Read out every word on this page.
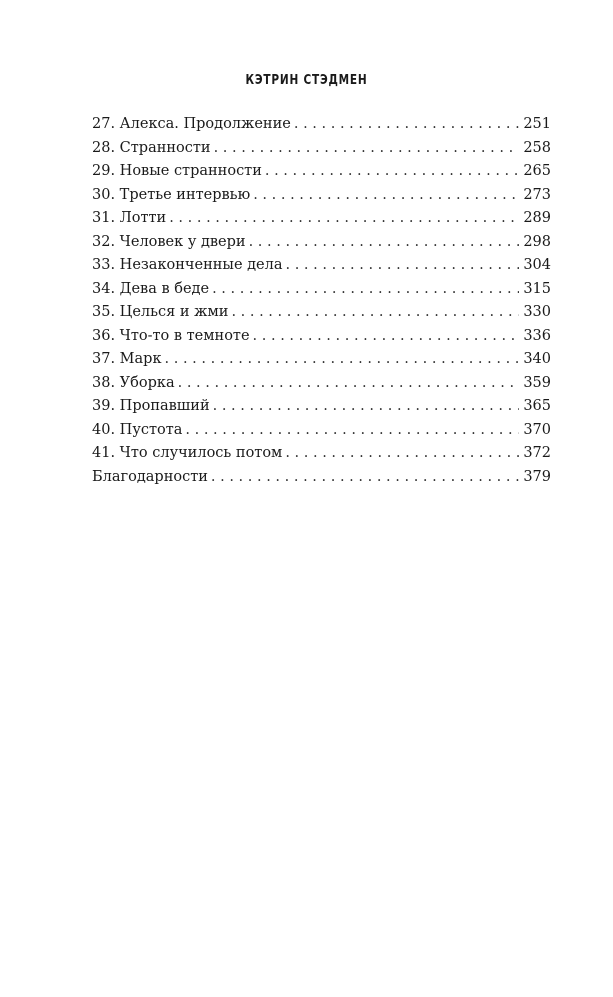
КЭТРИН СТЭДМЕН
27. Алекса. Продолжение . . .	251
28. Странности . . .	258
29. Новые странности . . .	265
30. Третье интервью . . .	273
31. Лотти . . .	289
32. Человек у двери . . .	298
33. Незаконченные дела . . .	304
34. Дева в беде . . .	315
35. Целься и жми . . .	330
36. Что-то в темноте . . .	336
37. Марк . . .	340
38. Уборка . . .	359
39. Пропавший . . .	365
40. Пустота . . .	370
41. Что случилось потом . . .	372
Благодарности . . .	379
